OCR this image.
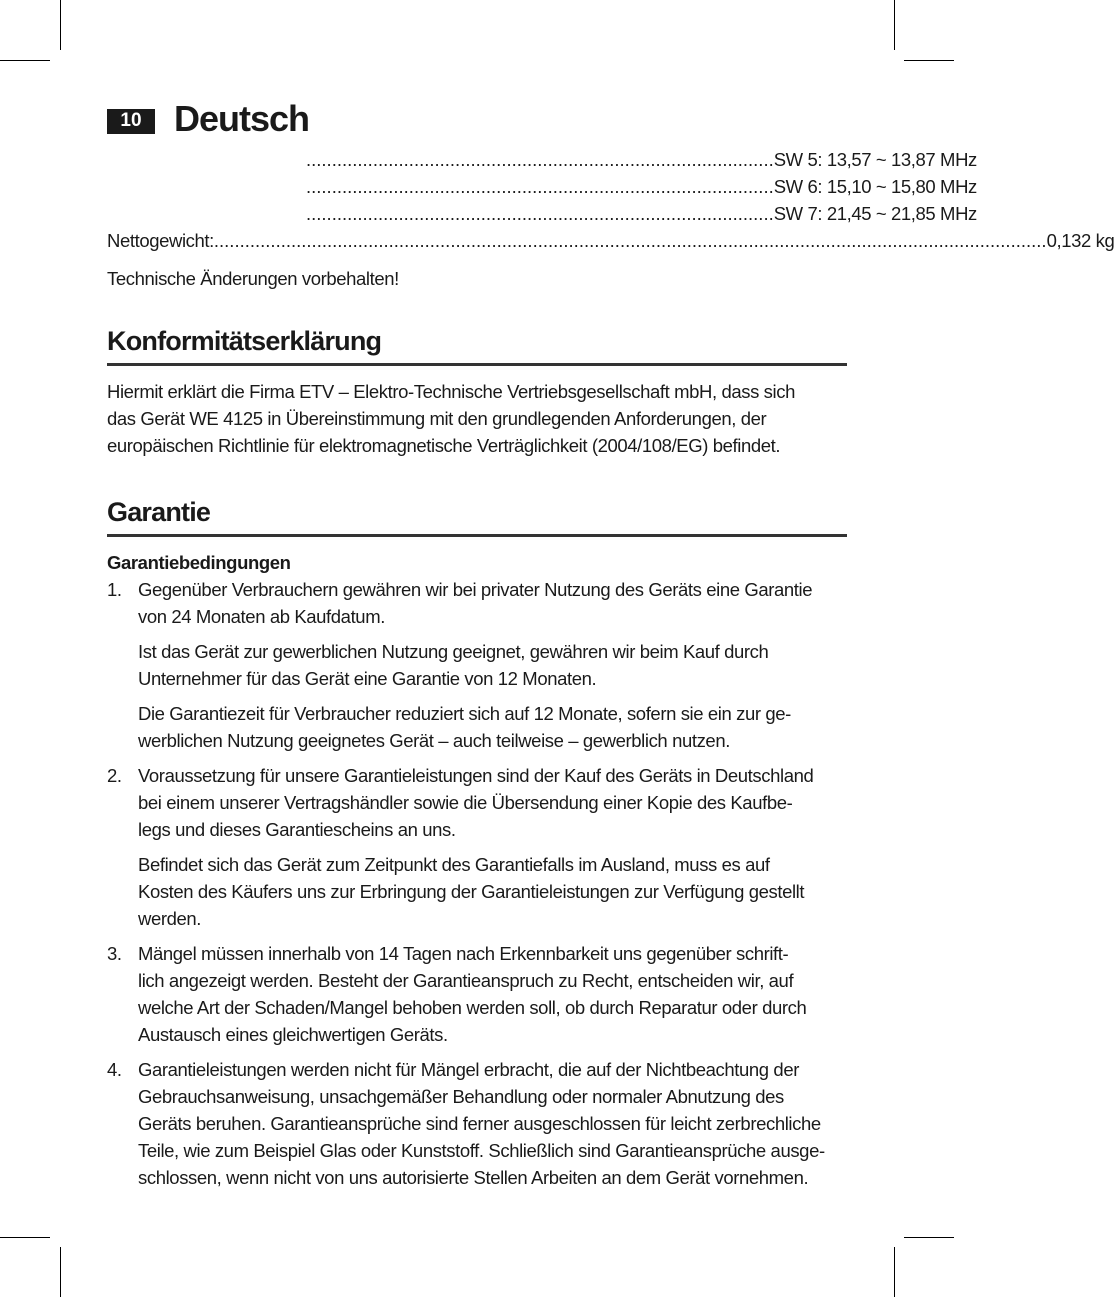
10 Deutsch
........................................................................................... SW 5: 13,57 ~ 13,87 MHz
........................................................................................... SW 6: 15,10 ~ 15,80 MHz
........................................................................................... SW 7: 21,45 ~ 21,85 MHz
Nettogewicht: .................................................................................................................................................................. 0,132 kg

Technische Änderungen vorbehalten!

Konformitätserklärung

Hiermit erklärt die Firma ETV – Elektro-Technische Vertriebsgesellschaft mbH, dass sich
das Gerät WE 4125 in Übereinstimmung mit den grundlegenden Anforderungen, der
europäischen Richtlinie für elektromagnetische Verträglichkeit (2004/108/EG) befindet.

Garantie

Garantiebedingungen

1. Gegenüber Verbrauchern gewähren wir bei privater Nutzung des Geräts eine Garantie
von 24 Monaten ab Kaufdatum.

Ist das Gerät zur gewerblichen Nutzung geeignet, gewähren wir beim Kauf durch
Unternehmer für das Gerät eine Garantie von 12 Monaten.

Die Garantiezeit für Verbraucher reduziert sich auf 12 Monate, sofern sie ein zur ge-
werblichen Nutzung geeignetes Gerät – auch teilweise – gewerblich nutzen.

2. Voraussetzung für unsere Garantieleistungen sind der Kauf des Geräts in Deutschland
bei einem unserer Vertragshändler sowie die Übersendung einer Kopie des Kaufbe-
legs und dieses Garantiescheins an uns.

Befindet sich das Gerät zum Zeitpunkt des Garantiefalls im Ausland, muss es auf
Kosten des Käufers uns zur Erbringung der Garantieleistungen zur Verfügung gestellt
werden.

3. Mängel müssen innerhalb von 14 Tagen nach Erkennbarkeit uns gegenüber schrift-
lich angezeigt werden. Besteht der Garantieanspruch zu Recht, entscheiden wir, auf
welche Art der Schaden/Mangel behoben werden soll, ob durch Reparatur oder durch
Austausch eines gleichwertigen Geräts.

4. Garantieleistungen werden nicht für Mängel erbracht, die auf der Nichtbeachtung der
Gebrauchsanweisung, unsachgemäßer Behandlung oder normaler Abnutzung des
Geräts beruhen. Garantieansprüche sind ferner ausgeschlossen für leicht zerbrechliche
Teile, wie zum Beispiel Glas oder Kunststoff. Schließlich sind Garantieansprüche ausge-
schlossen, wenn nicht von uns autorisierte Stellen Arbeiten an dem Gerät vornehmen.
